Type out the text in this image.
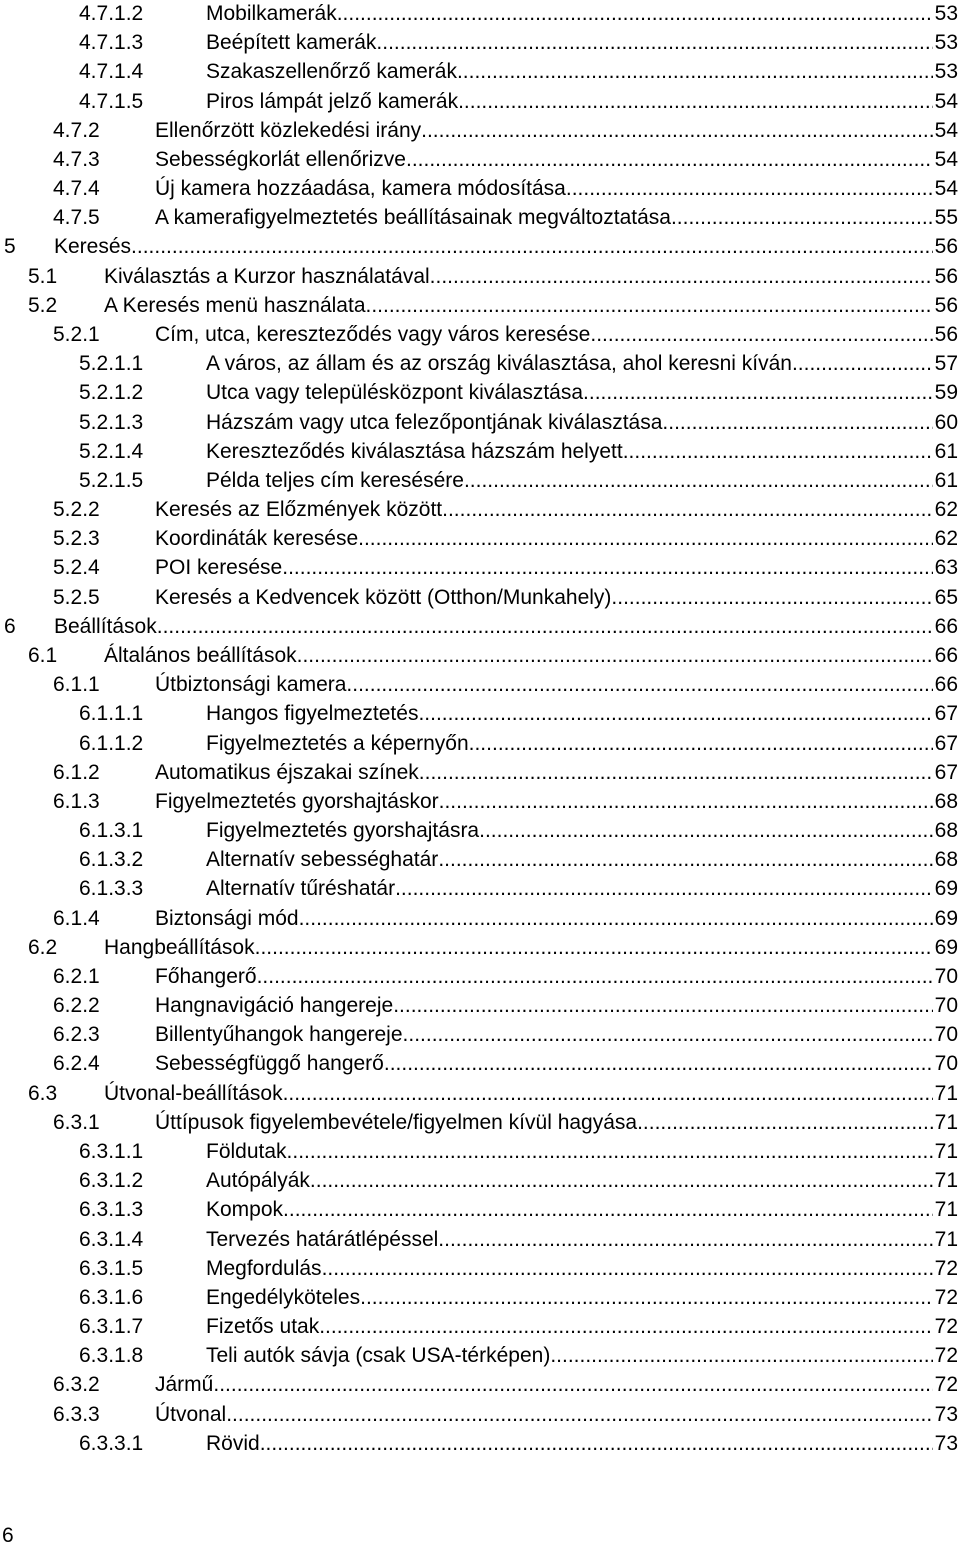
4.7.1.2	Mobilkamerák .....	53
4.7.1.3	Beépített kamerák .....	53
4.7.1.4	Szakaszellenőrző kamerák .....	53
4.7.1.5	Piros lámpát jelző kamerák .....	54
4.7.2	Ellenőrzött közlekedési irány .....	54
4.7.3	Sebességkorlát ellenőrizve .....	54
4.7.4	Új kamera hozzáadása, kamera módosítása .....	54
4.7.5	A kamerafigyelmeztetés beállításainak megváltoztatása .....	55
5 Keresés .....	56
5.1 Kiválasztás a Kurzor használatával .....	56
5.2 A Keresés menü használata .....	56
5.2.1	Cím, utca, kereszteződés vagy város keresése .....	56
5.2.1.1	A város, az állam és az ország kiválasztása, ahol keresni kíván. .....	57
5.2.1.2	Utca vagy településközpont kiválasztása .....	59
5.2.1.3	Házszám vagy utca felezőpontjának kiválasztása .....	60
5.2.1.4	Kereszteződés kiválasztása házszám helyett .....	61
5.2.1.5	Példa teljes cím keresésére .....	61
5.2.2	Keresés az Előzmények között .....	62
5.2.3	Koordináták keresése .....	62
5.2.4	POI keresése .....	63
5.2.5	Keresés a Kedvencek között (Otthon/Munkahely) .....	65
6 Beállítások .....	66
6.1 Általános beállítások .....	66
6.1.1	Útbiztonsági kamera .....	66
6.1.1.1	Hangos figyelmeztetés .....	67
6.1.1.2	Figyelmeztetés a képernyőn .....	67
6.1.2	Automatikus éjszakai színek .....	67
6.1.3	Figyelmeztetés gyorshajtáskor .....	68
6.1.3.1	Figyelmeztetés gyorshajtásra .....	68
6.1.3.2	Alternatív sebességhatár .....	68
6.1.3.3	Alternatív tűréshatár .....	69
6.1.4	Biztonsági mód .....	69
6.2 Hangbeállítások .....	69
6.2.1	Főhangerő .....	70
6.2.2	Hangnavigáció hangereje .....	70
6.2.3	Billentyűhangok hangereje .....	70
6.2.4	Sebességfüggő hangerő .....	70
6.3 Útvonal-beállítások .....	71
6.3.1	Úttípusok figyelembevétele/figyelmen kívül hagyása .....	71
6.3.1.1	Földutak .....	71
6.3.1.2	Autópályák .....	71
6.3.1.3	Kompok .....	71
6.3.1.4	Tervezés határátlépéssel .....	71
6.3.1.5	Megfordulás .....	72
6.3.1.6	Engedélyköteles .....	72
6.3.1.7	Fizetős utak .....	72
6.3.1.8	Teli autók sávja (csak USA-térképen) .....	72
6.3.2	Jármű .....	72
6.3.3	Útvonal .....	73
6.3.3.1	Rövid .....	73
6
